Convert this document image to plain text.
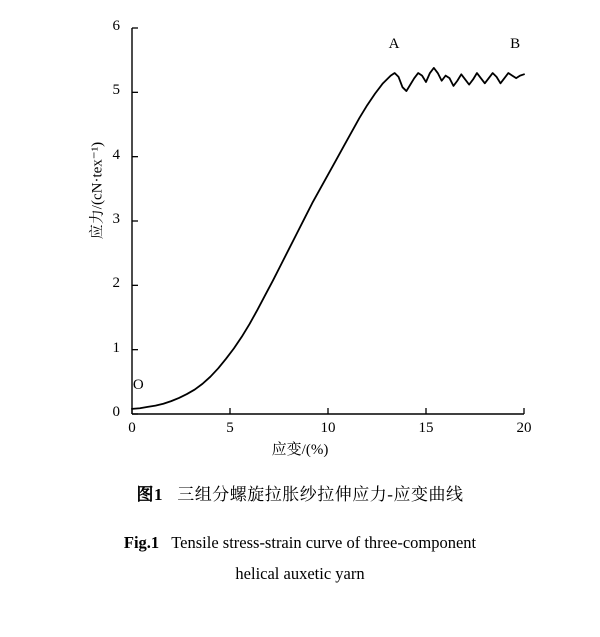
应力/(cN·tex⁻¹)
应变/(%)
0	5	10	15	20
0
1
2
3
4
5
6
O
A	B
图1 三组分螺旋拉胀纱拉伸应力-应变曲线
Fig.1 Tensile stress-strain curve of three-component
helical auxetic yarn
